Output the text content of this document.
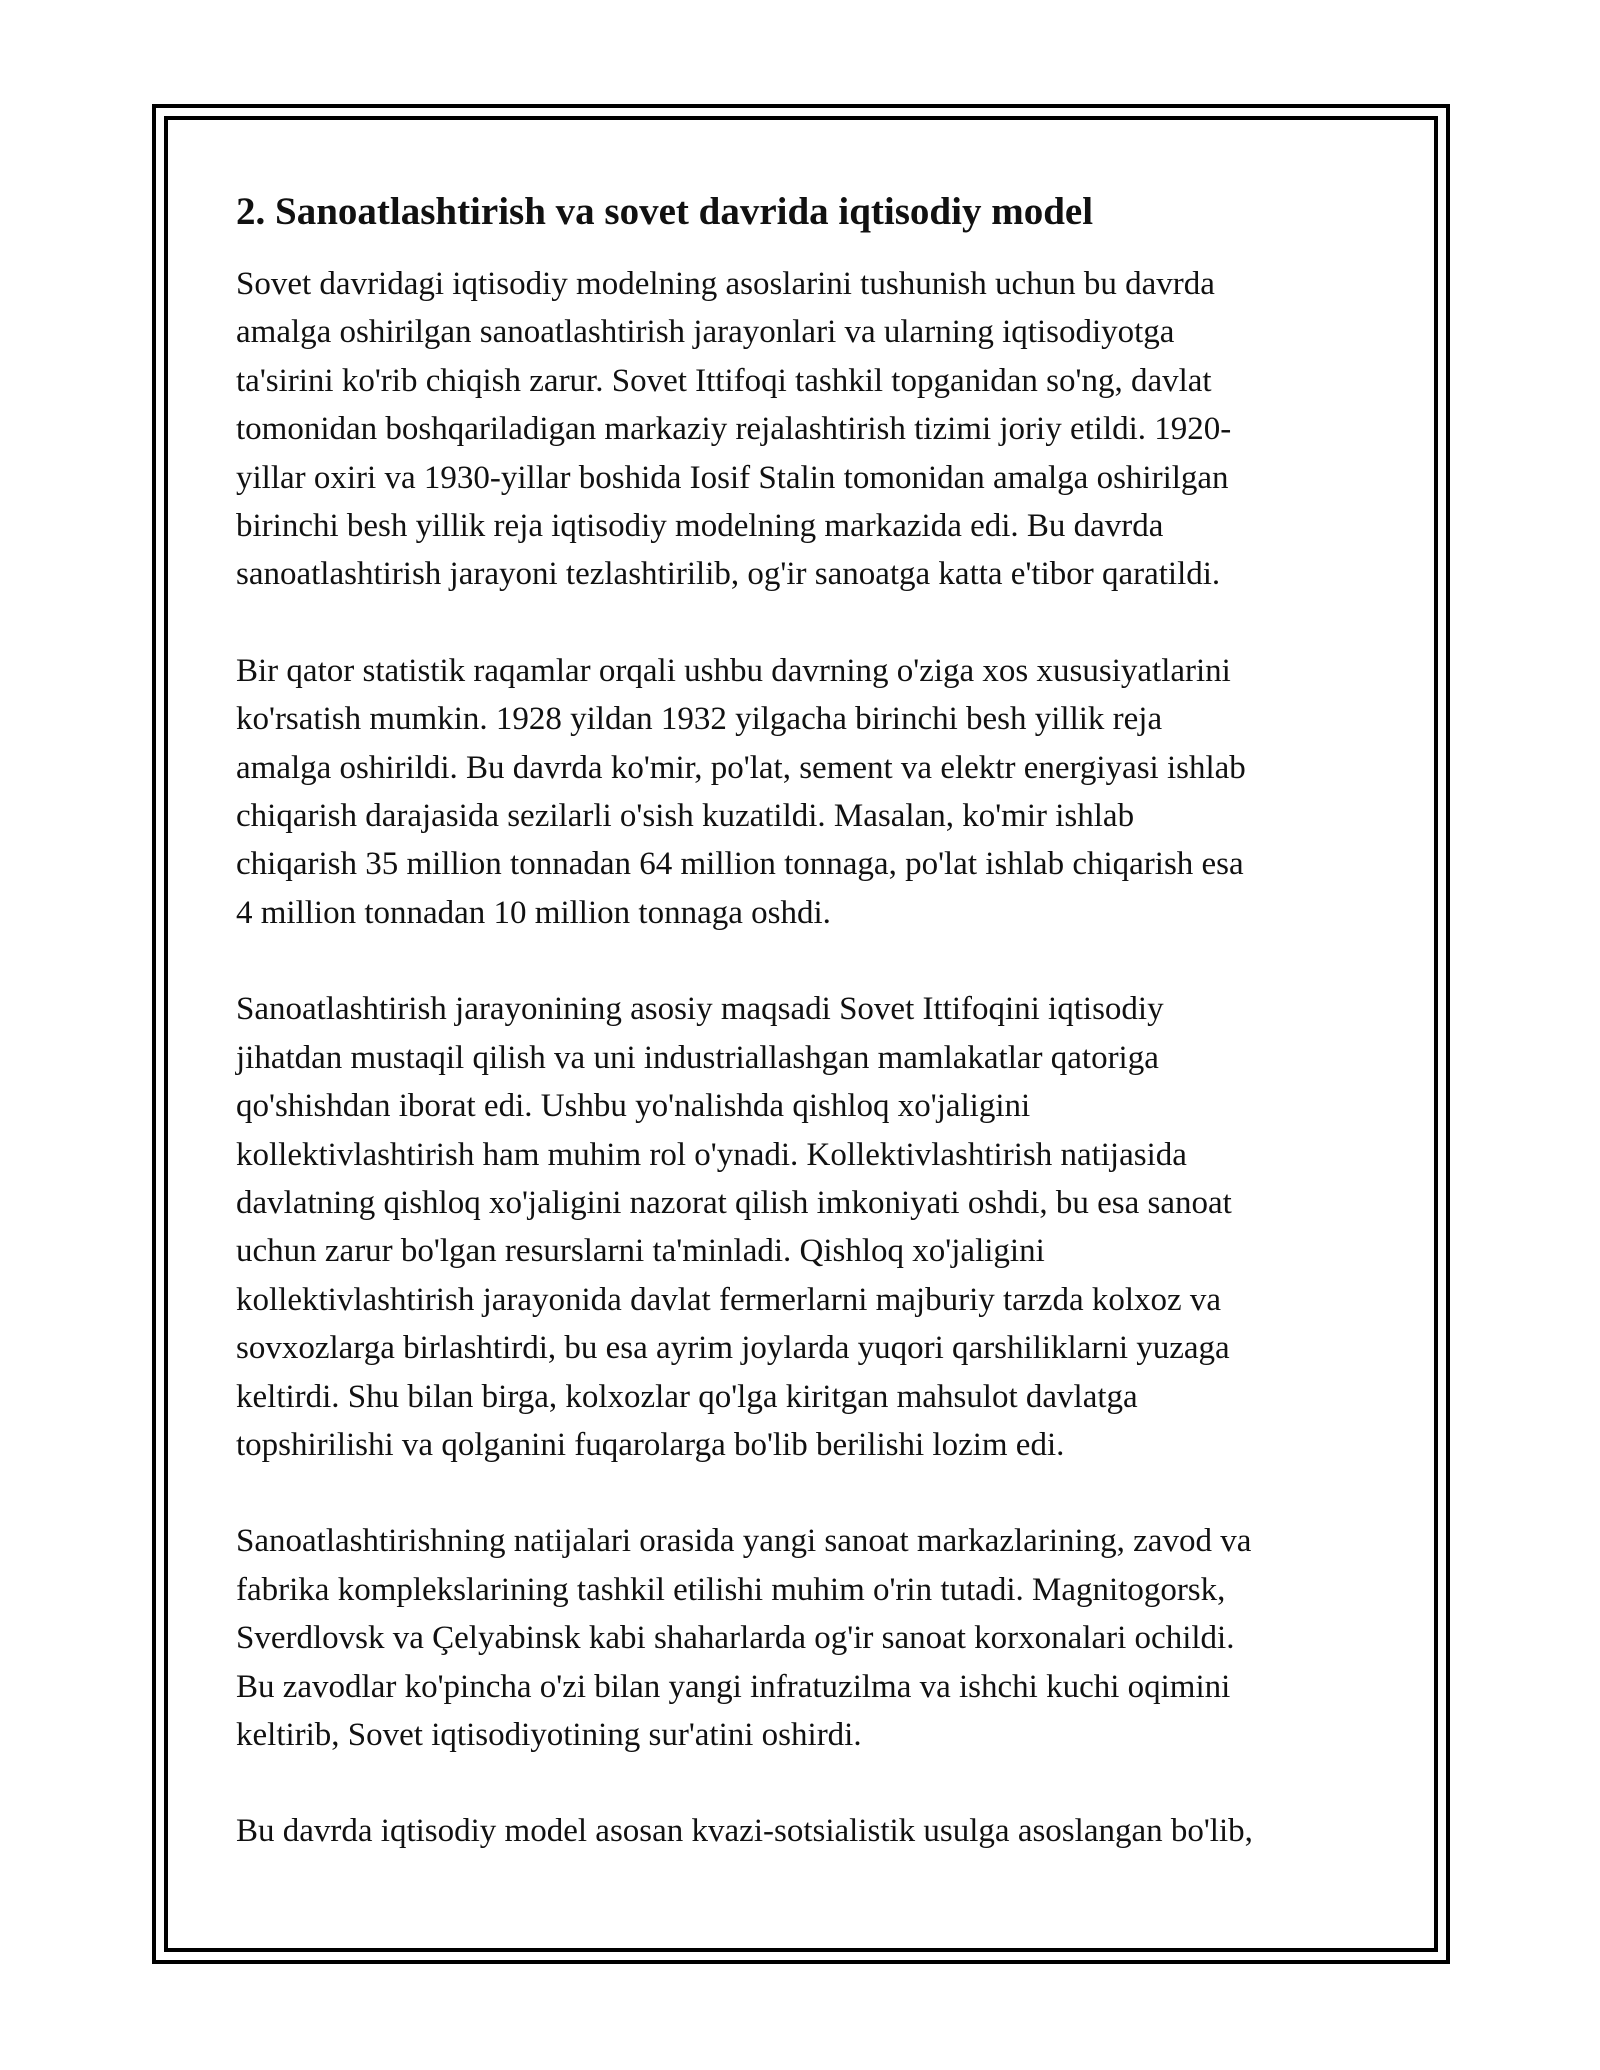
2. Sanoatlashtirish va sovet davrida iqtisodiy model
Sovet davridagi iqtisodiy modelning asoslarini tushunish uchun bu davrda
amalga oshirilgan sanoatlashtirish jarayonlari va ularning iqtisodiyotga
ta'sirini ko'rib chiqish zarur. Sovet Ittifoqi tashkil topganidan so'ng, davlat
tomonidan boshqariladigan markaziy rejalashtirish tizimi joriy etildi. 1920-
yillar oxiri va 1930-yillar boshida Iosif Stalin tomonidan amalga oshirilgan
birinchi besh yillik reja iqtisodiy modelning markazida edi. Bu davrda
sanoatlashtirish jarayoni tezlashtirilib, og'ir sanoatga katta e'tibor qaratildi.
Bir qator statistik raqamlar orqali ushbu davrning o'ziga xos xususiyatlarini
ko'rsatish mumkin. 1928 yildan 1932 yilgacha birinchi besh yillik reja
amalga oshirildi. Bu davrda ko'mir, po'lat, sement va elektr energiyasi ishlab
chiqarish darajasida sezilarli o'sish kuzatildi. Masalan, ko'mir ishlab
chiqarish 35 million tonnadan 64 million tonnaga, po'lat ishlab chiqarish esa
4 million tonnadan 10 million tonnaga oshdi.
Sanoatlashtirish jarayonining asosiy maqsadi Sovet Ittifoqini iqtisodiy
jihatdan mustaqil qilish va uni industriallashgan mamlakatlar qatoriga
qo'shishdan iborat edi. Ushbu yo'nalishda qishloq xo'jaligini
kollektivlashtirish ham muhim rol o'ynadi. Kollektivlashtirish natijasida
davlatning qishloq xo'jaligini nazorat qilish imkoniyati oshdi, bu esa sanoat
uchun zarur bo'lgan resurslarni ta'minladi. Qishloq xo'jaligini
kollektivlashtirish jarayonida davlat fermerlarni majburiy tarzda kolxoz va
sovxozlarga birlashtirdi, bu esa ayrim joylarda yuqori qarshiliklarni yuzaga
keltirdi. Shu bilan birga, kolxozlar qo'lga kiritgan mahsulot davlatga
topshirilishi va qolganini fuqarolarga bo'lib berilishi lozim edi.
Sanoatlashtirishning natijalari orasida yangi sanoat markazlarining, zavod va
fabrika komplekslarining tashkil etilishi muhim o'rin tutadi. Magnitogorsk,
Sverdlovsk va Çelyabinsk kabi shaharlarda og'ir sanoat korxonalari ochildi.
Bu zavodlar ko'pincha o'zi bilan yangi infratuzilma va ishchi kuchi oqimini
keltirib, Sovet iqtisodiyotining sur'atini oshirdi.
Bu davrda iqtisodiy model asosan kvazi-sotsialistik usulga asoslangan bo'lib,
